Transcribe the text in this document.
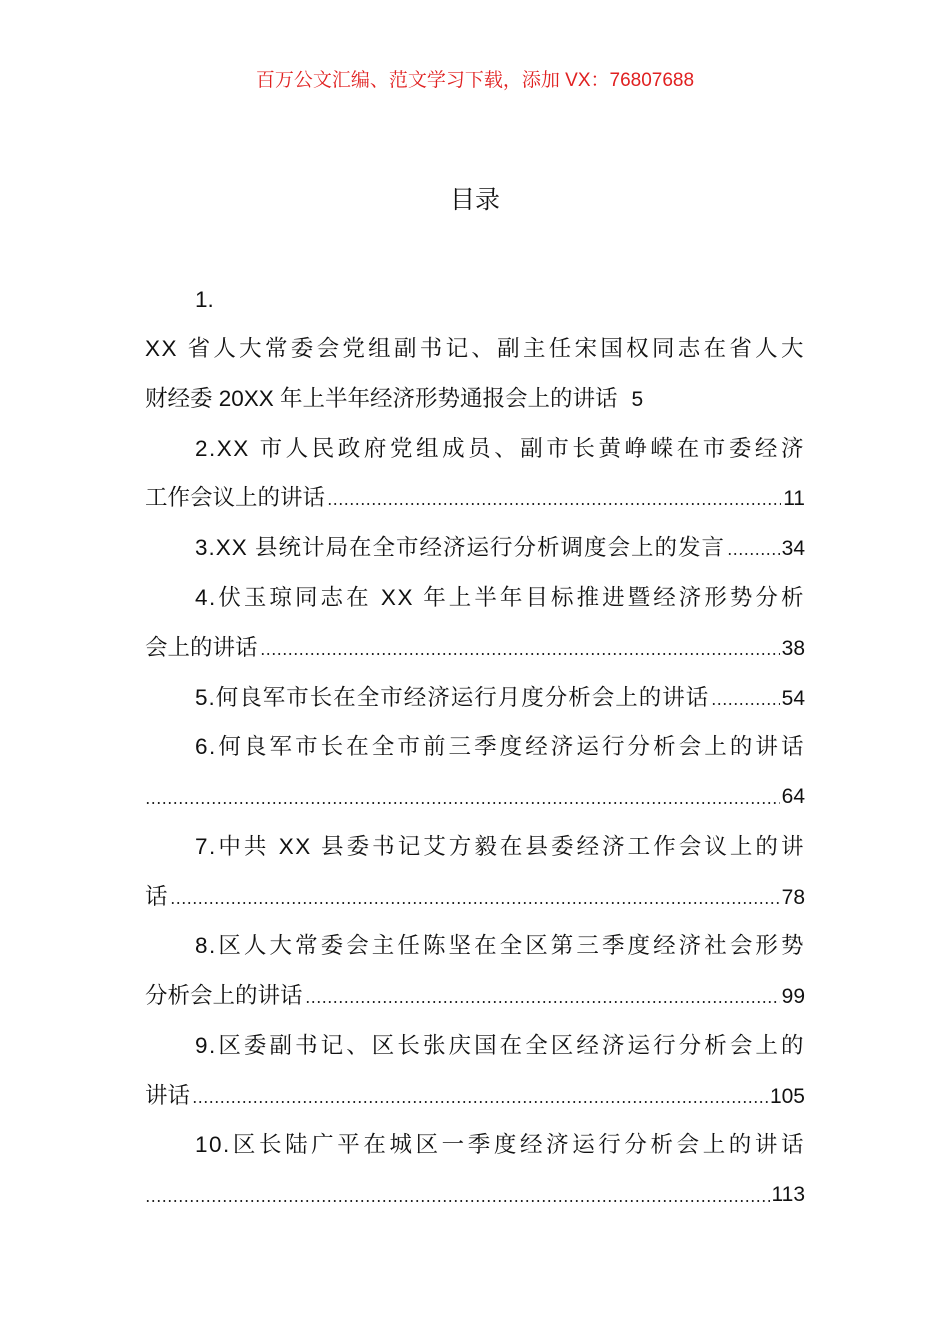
百万公文汇编、范文学习下载，添加 VX：76807688
目录
1.
XX 省人大常委会党组副书记、副主任宋国权同志在省人大
财经委 20XX 年上半年经济形势通报会上的讲话 5
2.XX 市人民政府党组成员、副市长黄峥嵘在市委经济
工作会议上的讲话	11
3.XX 县统计局在全市经济运行分析调度会上的发言	34
4.伏玉琼同志在 XX 年上半年目标推进暨经济形势分析
会上的讲话	38
5.何良军市长在全市经济运行月度分析会上的讲话	54
6.何良军市长在全市前三季度经济运行分析会上的讲话
64
7.中共 XX 县委书记艾方毅在县委经济工作会议上的讲
话	78
8.区人大常委会主任陈坚在全区第三季度经济社会形势
分析会上的讲话	99
9.区委副书记、区长张庆国在全区经济运行分析会上的
讲话	105
10.区长陆广平在城区一季度经济运行分析会上的讲话
113
